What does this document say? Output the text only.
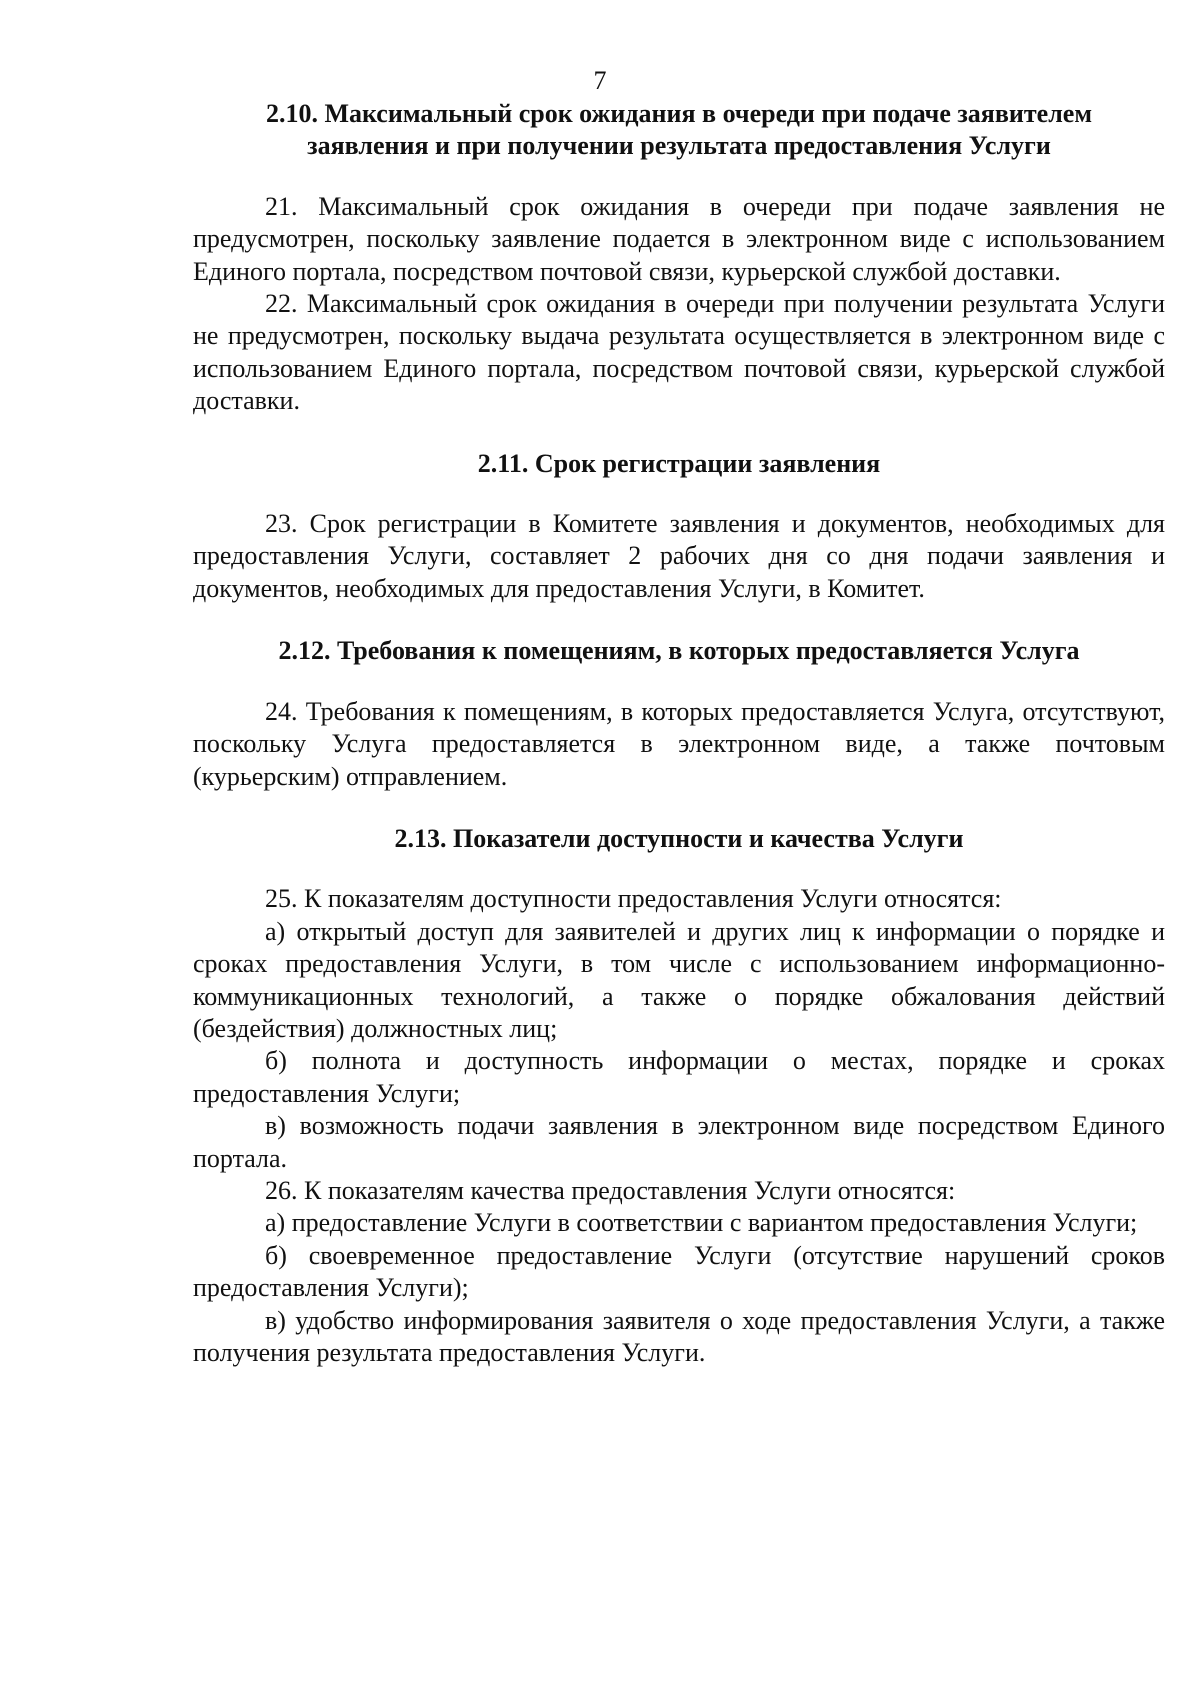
7

2.10. Максимальный срок ожидания в очереди при подаче заявителем заявления и при получении результата предоставления Услуги

21. Максимальный срок ожидания в очереди при подаче заявления не предусмотрен, поскольку заявление подается в электронном виде с использованием Единого портала, посредством почтовой связи, курьерской службой доставки.

22. Максимальный срок ожидания в очереди при получении результата Услуги не предусмотрен, поскольку выдача результата осуществляется в электронном виде с использованием Единого портала, посредством почтовой связи, курьерской службой доставки.

2.11. Срок регистрации заявления

23. Срок регистрации в Комитете заявления и документов, необходимых для предоставления Услуги, составляет 2 рабочих дня со дня подачи заявления и документов, необходимых для предоставления Услуги, в Комитет.

2.12. Требования к помещениям, в которых предоставляется Услуга

24. Требования к помещениям, в которых предоставляется Услуга, отсутствуют, поскольку Услуга предоставляется в электронном виде, а также почтовым (курьерским) отправлением.

2.13. Показатели доступности и качества Услуги

25. К показателям доступности предоставления Услуги относятся:

а) открытый доступ для заявителей и других лиц к информации о порядке и сроках предоставления Услуги, в том числе с использованием информационно-коммуникационных технологий, а также о порядке обжалования действий (бездействия) должностных лиц;

б) полнота и доступность информации о местах, порядке и сроках предоставления Услуги;

в) возможность подачи заявления в электронном виде посредством Единого портала.

26. К показателям качества предоставления Услуги относятся:

а) предоставление Услуги в соответствии с вариантом предоставления Услуги;

б) своевременное предоставление Услуги (отсутствие нарушений сроков предоставления Услуги);

в) удобство информирования заявителя о ходе предоставления Услуги, а также получения результата предоставления Услуги.
